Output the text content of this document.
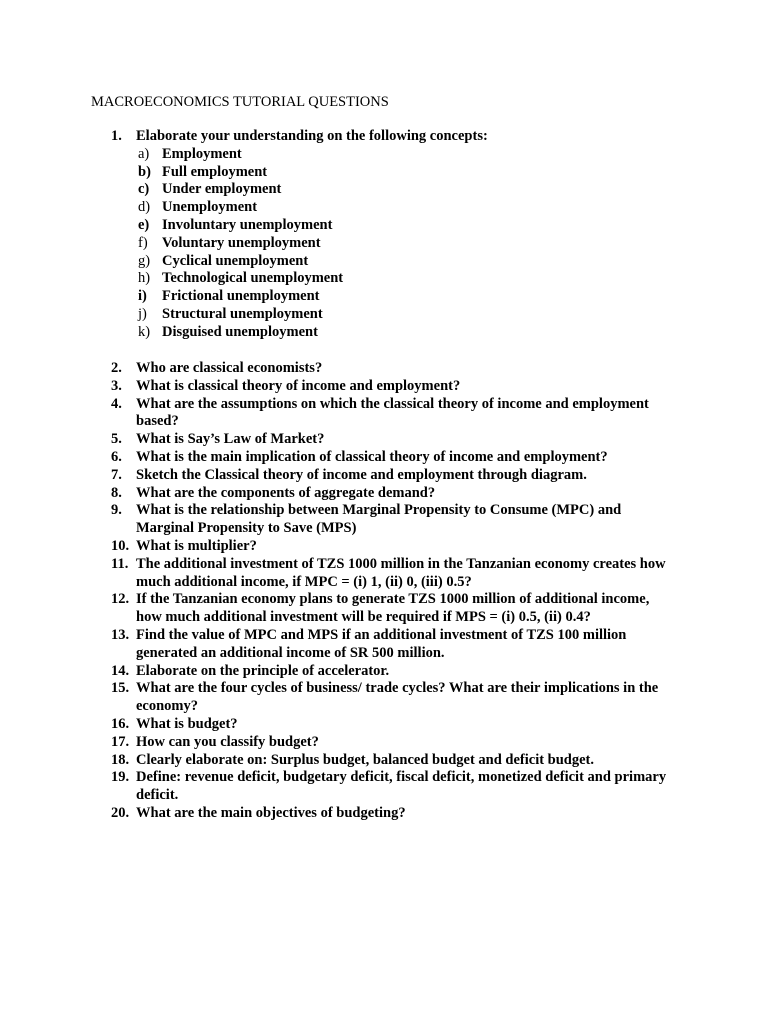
MACROECONOMICS TUTORIAL QUESTIONS
1. Elaborate your understanding on the following concepts:
a) Employment
b) Full employment
c) Under employment
d) Unemployment
e) Involuntary unemployment
f) Voluntary unemployment
g) Cyclical unemployment
h) Technological unemployment
i)	Frictional unemployment
j)	Structural unemployment
k) Disguised unemployment
2. Who are classical economists?
3. What is classical theory of income and employment?
4. What are the assumptions on which the classical theory of income and employment based?
5. What is Say’s Law of Market?
6. What is the main implication of classical theory of income and employment?
7. Sketch the Classical theory of income and employment through diagram.
8. What are the components of aggregate demand?
9. What is the relationship between Marginal Propensity to Consume (MPC) and Marginal Propensity to Save (MPS)
10. What is multiplier?
11. The additional investment of TZS 1000 million in the Tanzanian economy creates how much additional income, if MPC = (i) 1, (ii) 0, (iii) 0.5?
12. If the Tanzanian economy plans to generate TZS 1000 million of additional income, how much additional investment will be required if MPS = (i) 0.5, (ii) 0.4?
13. Find the value of MPC and MPS if an additional investment of TZS 100 million generated an additional income of SR 500 million.
14. Elaborate on the principle of accelerator.
15. What are the four cycles of business/ trade cycles? What are their implications in the economy?
16. What is budget?
17. How can you classify budget?
18. Clearly elaborate on: Surplus budget, balanced budget and deficit budget.
19. Define: revenue deficit, budgetary deficit, fiscal deficit, monetized deficit and primary deficit.
20. What are the main objectives of budgeting?
